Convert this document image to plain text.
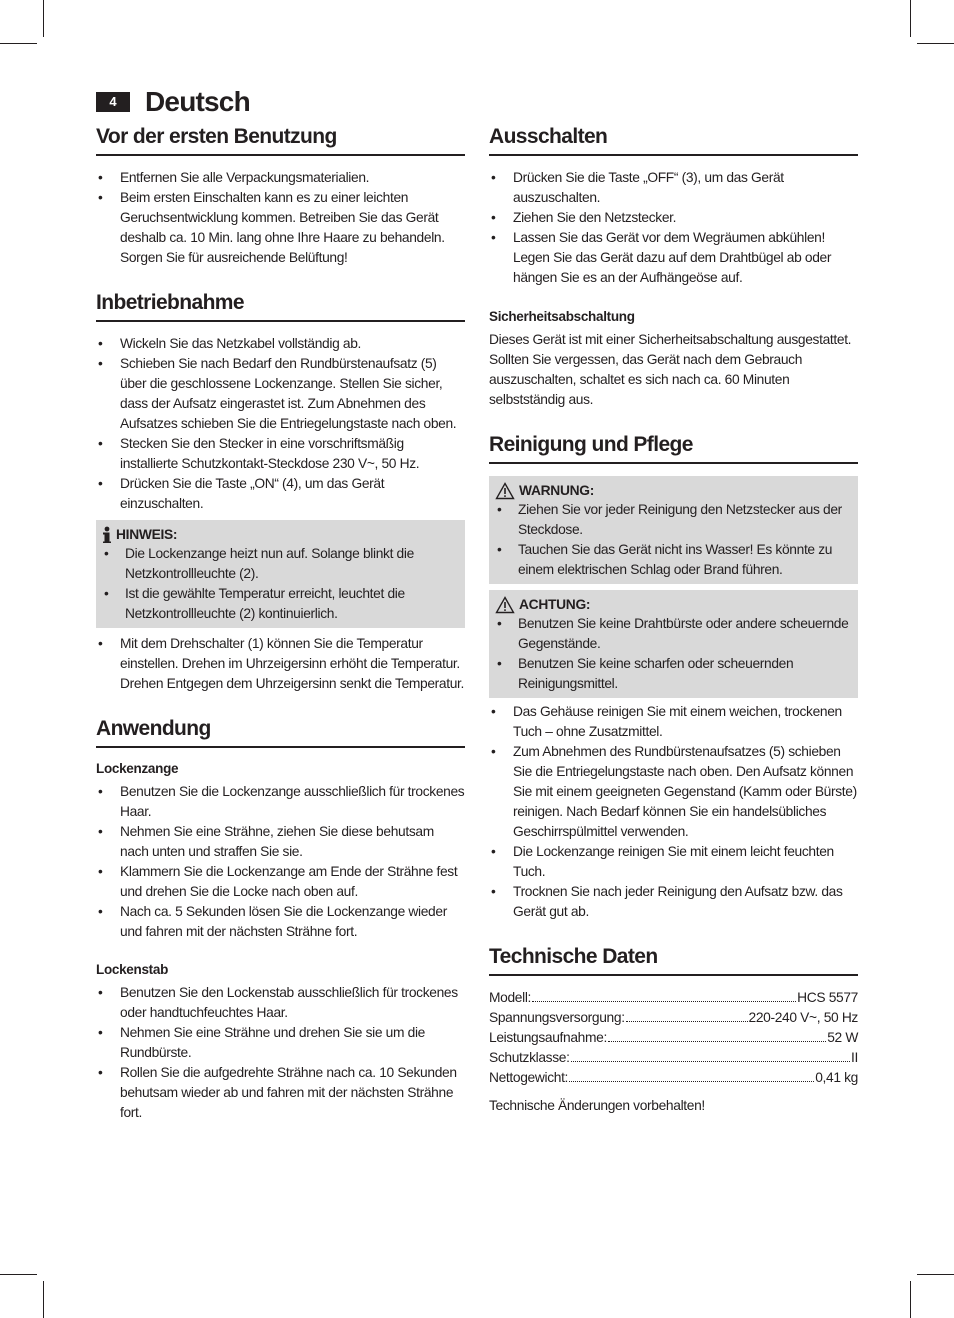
4	Deutsch
Vor der ersten Benutzung
• Entfernen Sie alle Verpackungsmaterialien.
• Beim ersten Einschalten kann es zu einer leichten Geruchsentwicklung kommen. Betreiben Sie das Gerät deshalb ca. 10 Min. lang ohne Ihre Haare zu behandeln. Sorgen Sie für ausreichende Belüftung!
Inbetriebnahme
• Wickeln Sie das Netzkabel vollständig ab.
• Schieben Sie nach Bedarf den Rundbürstenaufsatz (5) über die geschlossene Lockenzange. Stellen Sie sicher, dass der Aufsatz eingerastet ist. Zum Abnehmen des Aufsatzes schieben Sie die Entriegelungstaste nach oben.
• Stecken Sie den Stecker in eine vorschriftsmäßig installierte Schutzkontakt-Steckdose 230 V~, 50 Hz.
• Drücken Sie die Taste „ON“ (4), um das Gerät einzuschalten.
HINWEIS:
• Die Lockenzange heizt nun auf. Solange blinkt die Netzkontrollleuchte (2).
• Ist die gewählte Temperatur erreicht, leuchtet die Netzkontrollleuchte (2) kontinuierlich.
• Mit dem Drehschalter (1) können Sie die Temperatur einstellen. Drehen im Uhrzeigersinn erhöht die Temperatur. Drehen Entgegen dem Uhrzeigersinn senkt die Temperatur.
Anwendung
Lockenzange
• Benutzen Sie die Lockenzange ausschließlich für trockenes Haar.
• Nehmen Sie eine Strähne, ziehen Sie diese behutsam nach unten und straffen Sie sie.
• Klammern Sie die Lockenzange am Ende der Strähne fest und drehen Sie die Locke nach oben auf.
• Nach ca. 5 Sekunden lösen Sie die Lockenzange wieder und fahren mit der nächsten Strähne fort.
Lockenstab
• Benutzen Sie den Lockenstab ausschließlich für trockenes oder handtuchfeuchtes Haar.
• Nehmen Sie eine Strähne und drehen Sie sie um die Rundbürste.
• Rollen Sie die aufgedrehte Strähne nach ca. 10 Sekunden behutsam wieder ab und fahren mit der nächsten Strähne fort.
Ausschalten
• Drücken Sie die Taste „OFF“ (3), um das Gerät auszuschalten.
• Ziehen Sie den Netzstecker.
• Lassen Sie das Gerät vor dem Wegräumen abkühlen! Legen Sie das Gerät dazu auf dem Drahtbügel ab oder hängen Sie es an der Aufhängeöse auf.
Sicherheitsabschaltung

Dieses Gerät ist mit einer Sicherheitsabschaltung ausgestattet. Sollten Sie vergessen, das Gerät nach dem Gebrauch auszuschalten, schaltet es sich nach ca. 60 Minuten selbstständig aus.

Reinigung und Pflege
WARNUNG:
• Ziehen Sie vor jeder Reinigung den Netzstecker aus der Steckdose.
• Tauchen Sie das Gerät nicht ins Wasser! Es könnte zu einem elektrischen Schlag oder Brand führen.
ACHTUNG:
• Benutzen Sie keine Drahtbürste oder andere scheuernde Gegenstände.
• Benutzen Sie keine scharfen oder scheuernden Reinigungsmittel.
• Das Gehäuse reinigen Sie mit einem weichen, trockenen Tuch – ohne Zusatzmittel.
• Zum Abnehmen des Rundbürstenaufsatzes (5) schieben Sie die Entriegelungstaste nach oben. Den Aufsatz können Sie mit einem geeigneten Gegenstand (Kamm oder Bürste) reinigen. Nach Bedarf können Sie ein handelsübliches Geschirrspülmittel verwenden.
• Die Lockenzange reinigen Sie mit einem leicht feuchten Tuch.
• Trocknen Sie nach jeder Reinigung den Aufsatz bzw. das Gerät gut ab.
Technische Daten
Modell:	HCS 5577
Spannungsversorgung:	220-240 V~, 50 Hz
Leistungsaufnahme:	52 W
Schutzklasse:	II
Nettogewicht:	0,41 kg

Technische Änderungen vorbehalten!
